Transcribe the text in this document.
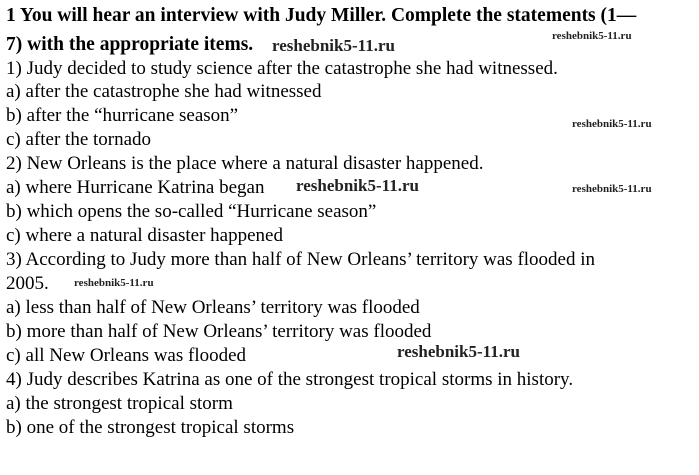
1 You will hear an interview with Judy Miller. Complete the statements (1—
7) with the appropriate items.
1) Judy decided to study science after the catastrophe she had witnessed.
a) after the catastrophe she had witnessed
b) after the “hurricane season”
c) after the tornado
2) New Orleans is the place where a natural disaster happened.
a) where Hurricane Katrina began
b) which opens the so-called “Hurricane season”
c) where a natural disaster happened
3) According to Judy more than half of New Orleans’ territory was flooded in
2005.
a) less than half of New Orleans’ territory was flooded
b) more than half of New Orleans’ territory was flooded
c) all New Orleans was flooded
4) Judy describes Katrina as one of the strongest tropical storms in history.
a) the strongest tropical storm
b) one of the strongest tropical storms
reshebnik5-11.ru	reshebnik5-11.ru
reshebnik5-11.ru
reshebnik5-11.ru	reshebnik5-11.ru
reshebnik5-11.ru
reshebnik5-11.ru
